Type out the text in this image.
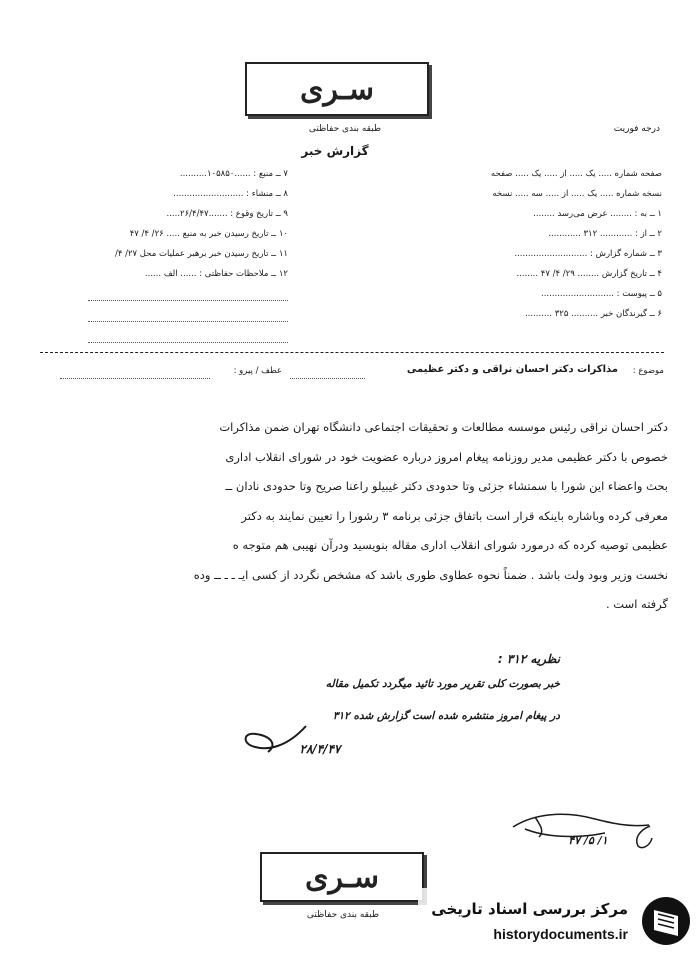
سـری
طبقه بندی حفاظتی	درجه فوریت
گزارش خبر
۷ ــ منبع : ......۱۰۵۸۵۰..........
۸ ــ منشاء : ..........................
۹ ــ تاریخ وقوع : .......۲۶/۴/۴۷.....
۱۰ ــ تاریخ رسیدن خبر به منبع ..... ۲۶/ ۴/ ۴۷
۱۱ ــ تاریخ رسیدن خبر برهبر عملیات محل ۲۷/ ۴/
۱۲ ــ ملاحظات حفاظتی : ...... الف ......
صفحه شماره ..... یک ..... از ..... یک ..... صفحه
نسخه شماره ..... یک ..... از ..... سه ..... نسخه
۱ ــ به : ........ عرض می‌رسد ........
۲ ــ از : ............ ۳۱۲ ............
۳ ــ شماره گزارش : ...........................
۴ ــ تاریخ گزارش ........ ۲۹/ ۴/ ۴۷ ........
۵ ــ پیوست : ...........................
۶ ــ گیرندگان خبر .......... ۳۲۵ ..........
موضوع :
مذاکرات دکتر احسان نراقی و دکتر عظیمی
عطف / پیرو :
دکتر احسان نراقی رئیس موسسه مطالعات و تحقیقات اجتماعی دانشگاه تهران ضمن مذاکرات
خصوص با دکتر عظیمی مدیر روزنامه پیغام امروز درباره عضویت خود در شورای انقلاب اداری
بحث واعضاء این شورا با سمتشاء جزئی وتا حدودی دکتر غیبیلو راعنا صریح وتا حدودی نادان ــ
معرفی کرده وباشاره باینکه قرار است باتفاق جزئی برنامه ۳ رشورا را تعیین نمایند به دکتر
عظیمی توصیه کرده که درمورد شورای انقلاب اداری مقاله بنویسید ودرآن نهیبی هم متوجه ه
نخست وزیر وبود ولت باشد . ضمناً نحوه عطاوی طوری باشد که مشخص نگردد از کسی ایـ ـ ـ ــ وده
گرفته است .
نظریه ۳۱۲ :
خبر بصورت کلی تقریر مورد تائید میگردد تکمیل مقاله
در پیغام امروز منتشره شده است گزارش شده ۳۱۲
۲۸/۴/۴۷
۱/ ۵/ ۴۷
سـری
طبقه بندی حفاظتی	مرکز بررسی اسناد تاریخی
historydocuments.ir
